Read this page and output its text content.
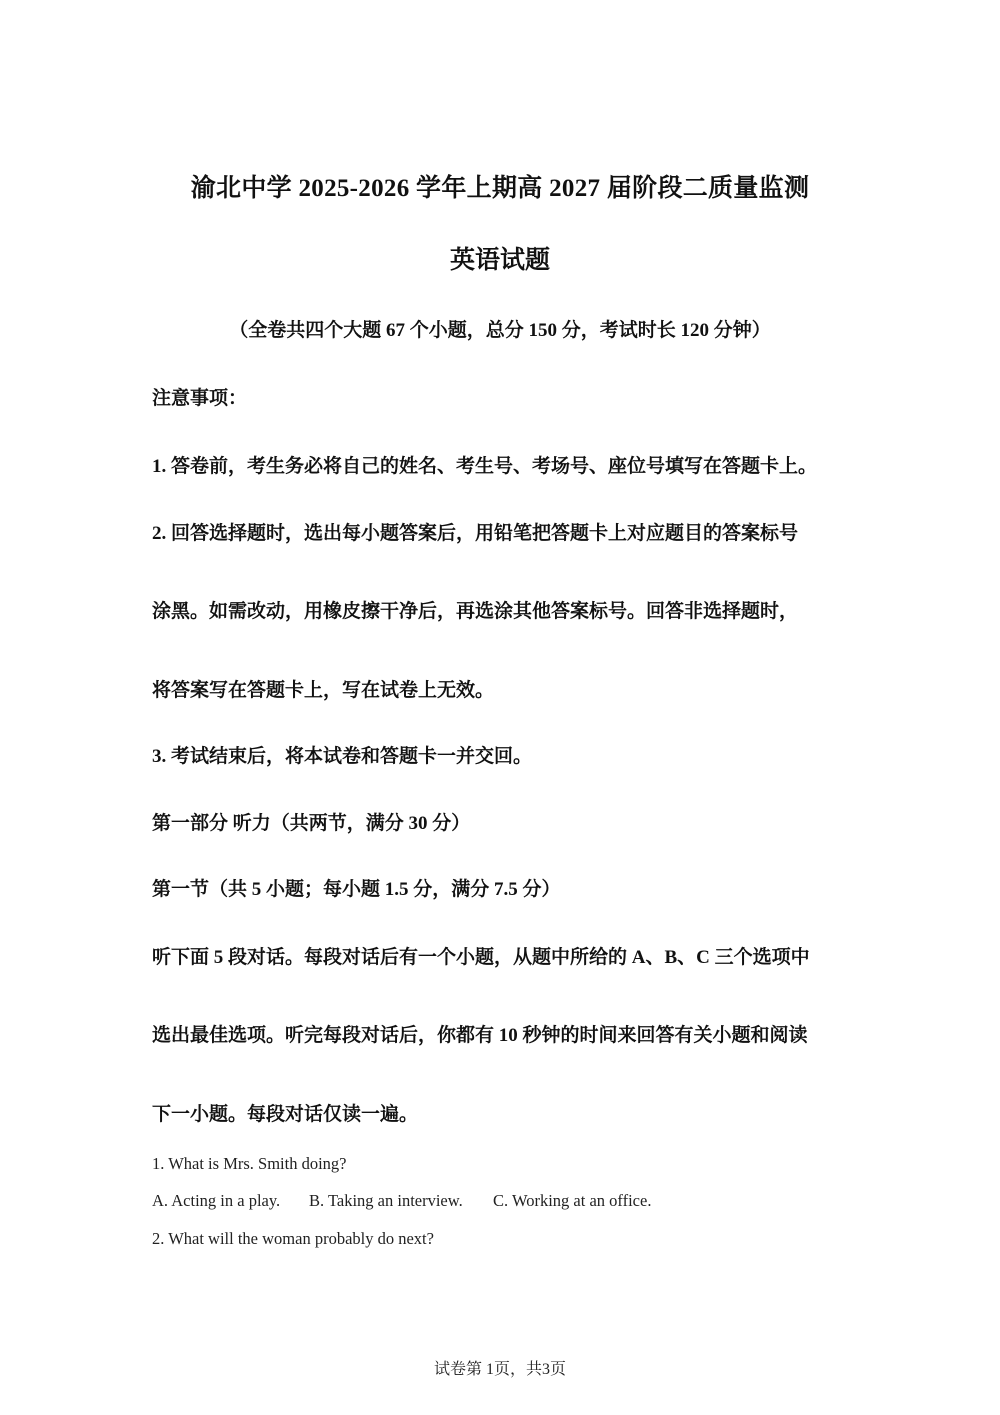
渝北中学 2025-2026 学年上期高 2027 届阶段二质量监测
英语试题
（全卷共四个大题 67 个小题，总分 150 分，考试时长 120 分钟）
注意事项：
1. 答卷前，考生务必将自己的姓名、考生号、考场号、座位号填写在答题卡上。
2. 回答选择题时，选出每小题答案后，用铅笔把答题卡上对应题目的答案标号
涂黑。如需改动，用橡皮擦干净后，再选涂其他答案标号。回答非选择题时，
将答案写在答题卡上，写在试卷上无效。
3. 考试结束后，将本试卷和答题卡一并交回。
第一部分 听力（共两节，满分 30 分）
第一节（共 5 小题；每小题 1.5 分，满分 7.5 分）
听下面 5 段对话。每段对话后有一个小题，从题中所给的 A、B、C 三个选项中
选出最佳选项。听完每段对话后，你都有 10 秒钟的时间来回答有关小题和阅读
下一小题。每段对话仅读一遍。
1. What is Mrs. Smith doing?
A. Acting in a play. B. Taking an interview. C. Working at an office.
2. What will the woman probably do next?
试卷第 1页，共3页
